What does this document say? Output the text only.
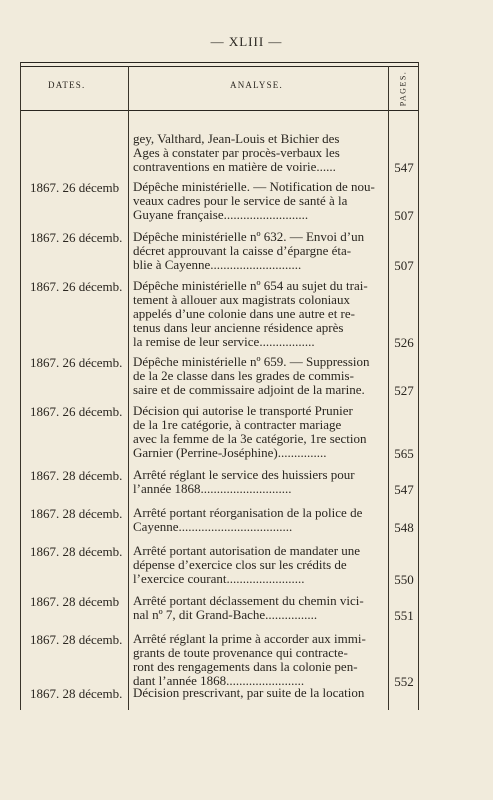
— XLIII —
DATES.	ANALYSE.	PAGES.
gey, Valthard, Jean-Louis et Bichier des
Ages à constater par procès-verbaux les
contraventions en matière de voirie......	547
1867. 26 décemb	Dépêche ministérielle. — Notification de nou-
veaux cadres pour le service de santé à la
Guyane française..........................	507
1867. 26 décemb. Dépêche ministérielle nº 632. — Envoi d’un
décret approuvant la caisse d’épargne éta-
blie à Cayenne............................	507
1867. 26 décemb. Dépêche ministérielle nº 654 au sujet du trai-
tement à allouer aux magistrats coloniaux
appelés d’une colonie dans une autre et re-
tenus dans leur ancienne résidence après
la remise de leur service.................	526
1867. 26 décemb. Dépêche ministérielle nº 659. — Suppression
de la 2e classe dans les grades de commis-
saire et de commissaire adjoint de la marine.	527
1867. 26 décemb. Décision qui autorise le transporté Prunier
de la 1re catégorie, à contracter mariage
avec la femme de la 3e catégorie, 1re section
Garnier (Perrine-Joséphine)...............	565
1867. 28 décemb. Arrêté réglant le service des huissiers pour
l’année 1868............................	547
1867. 28 décemb. Arrêté portant réorganisation de la police de
Cayenne...................................	548
1867. 28 décemb. Arrêté portant autorisation de mandater une
dépense d’exercice clos sur les crédits de
l’exercice courant........................	550
1867. 28 décemb	Arrêté portant déclassement du chemin vici-
nal nº 7, dit Grand-Bache................	551
1867. 28 décemb. Arrêté réglant la prime à accorder aux immi-
grants de toute provenance qui contracte-
ront des rengagements dans la colonie pen-
dant l’année 1868........................	552
1867. 28 décemb. Décision prescrivant, par suite de la location
